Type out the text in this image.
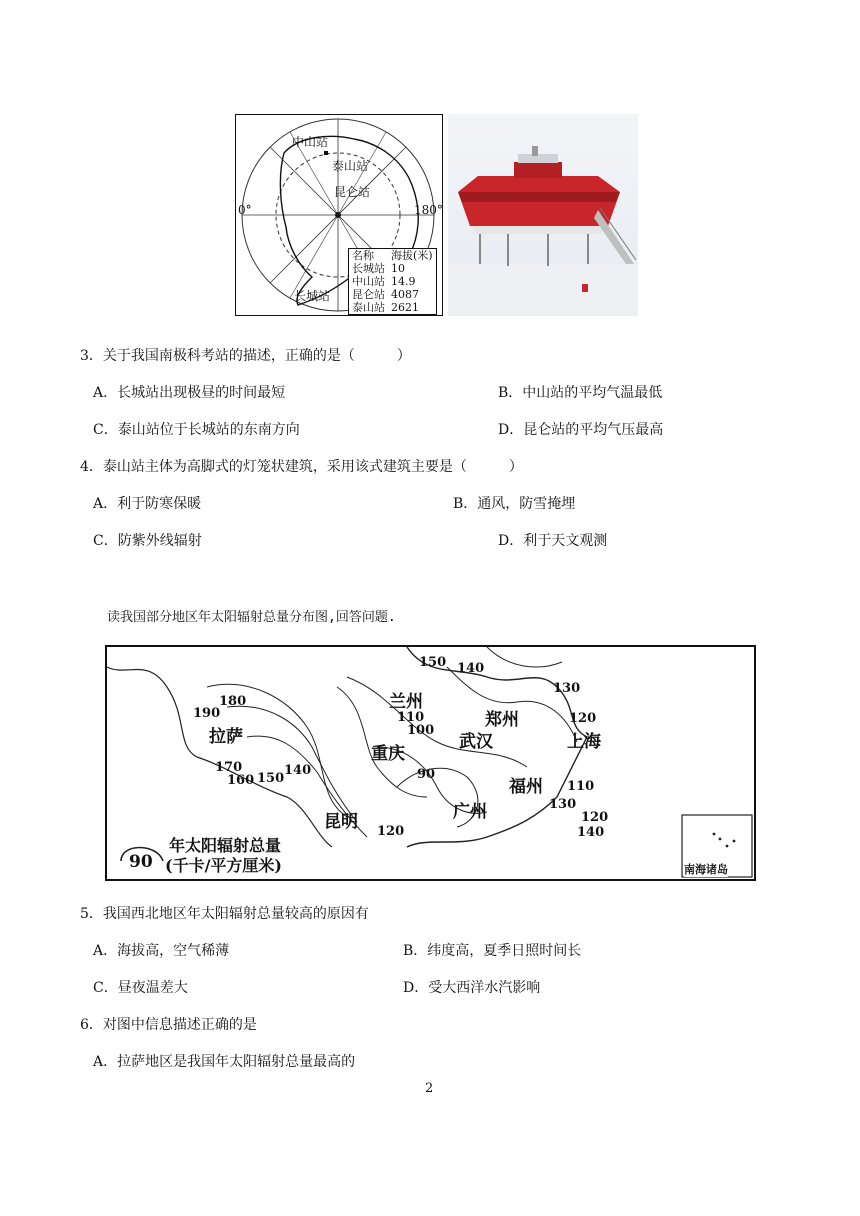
中山站
泰山站
昆仑站
0°	180°
长城站
名称	海拔(米)
长城站	10
中山站	14.9
昆仑站	4087
泰山站	2621
3．关于我国南极科考站的描述，正确的是（　　　）
A．长城站出现极昼的时间最短	B．中山站的平均气温最低
C．泰山站位于长城站的东南方向	D．昆仑站的平均气压最高
4．泰山站主体为高脚式的灯笼状建筑，采用该式建筑主要是（　　　）
A．利于防寒保暖	B．通风，防雪掩埋
C．防紫外线辐射	D．利于天文观测
读我国部分地区年太阳辐射总量分布图,回答问题.
兰州
郑州
上海
拉萨	武汉
重庆
福州
昆明	广州
150 140
130
180
190	110
100
120
170
160 150
140	90
110
130
120
140
120
90
年太阳辐射总量
(千卡/平方厘米)	南海诸岛
5．我国西北地区年太阳辐射总量较高的原因有
A．海拔高，空气稀薄	B．纬度高，夏季日照时间长
C．昼夜温差大	D．受大西洋水汽影响
6．对图中信息描述正确的是
A．拉萨地区是我国年太阳辐射总量最高的
2
